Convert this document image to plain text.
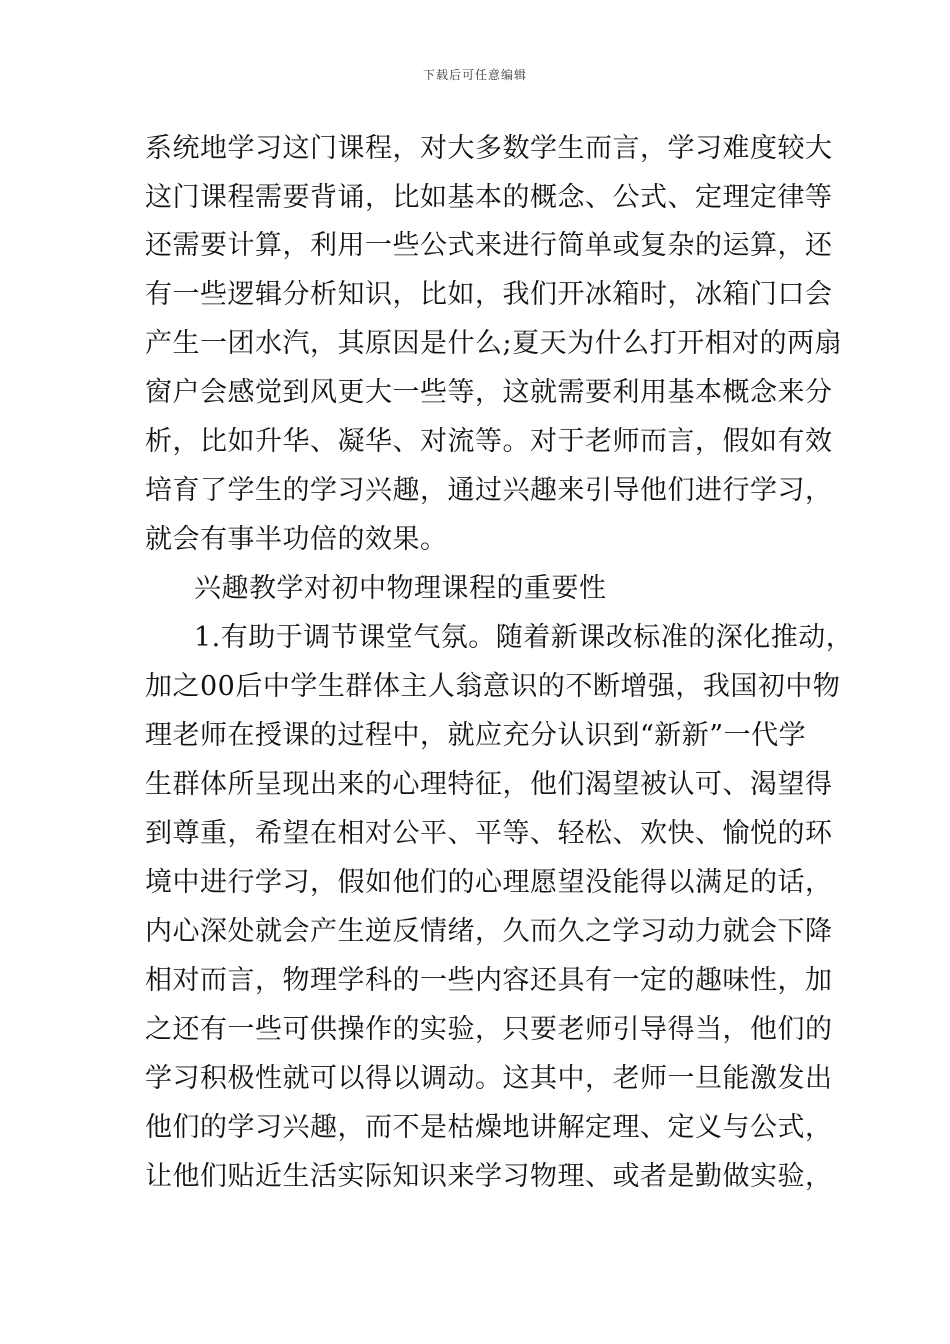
下载后可任意编辑
系统地学习这门课程，对大多数学生而言，学习难度较大
这门课程需要背诵，比如基本的概念、公式、定理定律等
还需要计算，利用一些公式来进行简单或复杂的运算，还
有一些逻辑分析知识，比如，我们开冰箱时，冰箱门口会
产生一团水汽，其原因是什么;夏天为什么打开相对的两扇
窗户会感觉到风更大一些等，这就需要利用基本概念来分
析，比如升华、凝华、对流等。对于老师而言，假如有效
培育了学生的学习兴趣，通过兴趣来引导他们进行学习，
就会有事半功倍的效果。
兴趣教学对初中物理课程的重要性
1.有助于调节课堂气氛。随着新课改标准的深化推动，
加之00后中学生群体主人翁意识的不断增强，我国初中物
理老师在授课的过程中，就应充分认识到“新新”一代学
生群体所呈现出来的心理特征，他们渴望被认可、渴望得
到尊重，希望在相对公平、平等、轻松、欢快、愉悦的环
境中进行学习，假如他们的心理愿望没能得以满足的话，
内心深处就会产生逆反情绪，久而久之学习动力就会下降
相对而言，物理学科的一些内容还具有一定的趣味性，加
之还有一些可供操作的实验，只要老师引导得当，他们的
学习积极性就可以得以调动。这其中，老师一旦能激发出
他们的学习兴趣，而不是枯燥地讲解定理、定义与公式，
让他们贴近生活实际知识来学习物理、或者是勤做实验，
